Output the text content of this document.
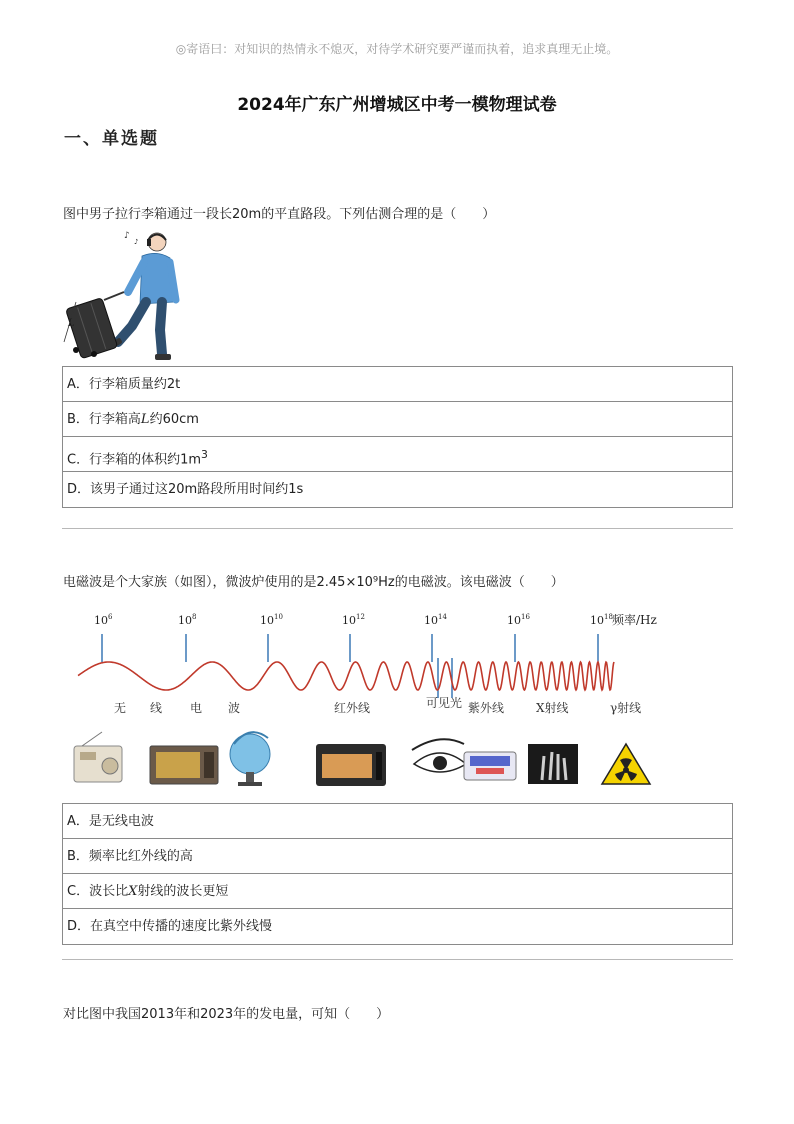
◎寄语曰：对知识的热情永不熄灭，对待学术研究要严谨而执着，追求真理无止境。
2024年广东广州增城区中考一模物理试卷
一、单选题
图中男子拉行李箱通过一段长20m的平直路段。下列估测合理的是（　　）
♪
♪
L
A．行李箱质量约2t
B．行李箱高L约60cm
C．行李箱的体积约$1m^3$
D．该男子通过这20m路段所用时间约1s
电磁波是个大家族（如图），微波炉使用的是2.45×10⁹Hz的电磁波。该电磁波（　　）
$10^6$	$10^8$	$10^{10}$	$10^{12}$	$10^{14}$	$10^{16}$	$10^{18}$ 频率/Hz
无 线 电 波	红外线	可见光 紫外线	X射线	γ射线
A．是无线电波
B．频率比红外线的高
C．波长比X射线的波长更短
D．在真空中传播的速度比紫外线慢
对比图中我国2013年和2023年的发电量，可知（　　）
